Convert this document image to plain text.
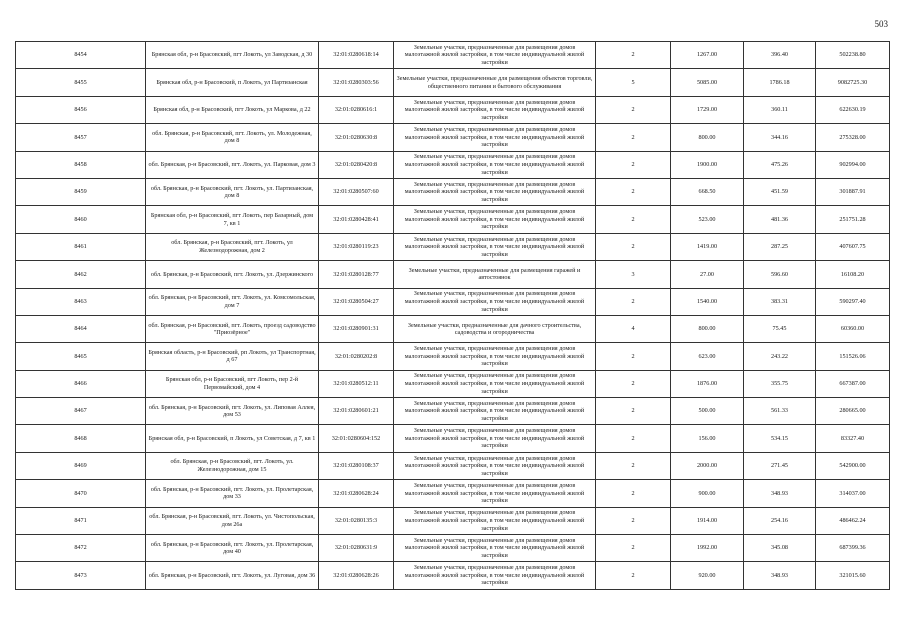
503
8454	Брянская обл, р-н Брасовский, пгт Локоть, ул Заводская, д 30	32:01:0280618:14	Земельные участки, предназначенные для размещения домов малоэтажной жилой застройки, в том числе индивидуальной жилой застройки	2	1267.00	396.40	502238.80
8455	Брянская обл, р-н Брасовский, п Локоть, ул Партизанская	32:01:0280303:56	Земельные участки, предназначенные для размещения объектов торговли, общественного питания и бытового обслуживания	5	5085.00	1786.18	9082725.30
8456	Брянская обл, р-н Брасовский, пгт Локоть, ул Маркова, д 22	32:01:0280616:1	Земельные участки, предназначенные для размещения домов малоэтажной жилой застройки, в том числе индивидуальной жилой застройки	2	1729.00	360.11	622630.19
8457	обл. Брянская, р-н Брасовский, пгт. Локоть, ул. Молодежная, дом 8	32:01:0280630:8	Земельные участки, предназначенные для размещения домов малоэтажной жилой застройки, в том числе индивидуальной жилой застройки	2	800.00	344.16	275328.00
8458	обл. Брянская, р-н Брасовский, пгт. Локоть, ул. Парковая, дом 3	32:01:0280420:8	Земельные участки, предназначенные для размещения домов малоэтажной жилой застройки, в том числе индивидуальной жилой застройки	2	1900.00	475.26	902994.00
8459	обл. Брянская, р-н Брасовский, пгт. Локоть, ул. Партизанская, дом 8	32:01:0280507:60	Земельные участки, предназначенные для размещения домов малоэтажной жилой застройки, в том числе индивидуальной жилой застройки	2	668.50	451.59	301887.91
8460	Брянская обл, р-н Брасовский, пгт Локоть, пер Базарный, дом 7, кв 1	32:01:0280428:41	Земельные участки, предназначенные для размещения домов малоэтажной жилой застройки, в том числе индивидуальной жилой застройки	2	523.00	481.36	251751.28
8461	обл. Брянская, р-н Брасовский, пгт. Локоть, ул Железнодорожная, дом 2	32:01:0280119:23	Земельные участки, предназначенные для размещения домов малоэтажной жилой застройки, в том числе индивидуальной жилой застройки	2	1419.00	287.25	407607.75
8462	обл. Брянская, р-н Брасовский, пгт. Локоть, ул. Дзержинского	32:01:0280128:77	Земельные участки, предназначенные для размещения гаражей и автостоянок	3	27.00	596.60	16108.20
8463	обл. Брянская, р-н Брасовский, пгт. Локоть, ул. Комсомольская, дом 7	32:01:0280504:27	Земельные участки, предназначенные для размещения домов малоэтажной жилой застройки, в том числе индивидуальной жилой застройки	2	1540.00	383.31	590297.40
8464	обл. Брянская, р-н Брасовский, пгт. Локоть, проезд садоводство "Приозёрное"	32:01:0280901:31	Земельные участки, предназначенные для дачного строительства, садоводства и огородничества	4	800.00	75.45	60360.00
8465	Брянская область, р-н Брасовский, рп Локоть, ул Транспортная, д 67	32:01:0280202:8	Земельные участки, предназначенные для размещения домов малоэтажной жилой застройки, в том числе индивидуальной жилой застройки	2	623.00	243.22	151526.06
8466	Брянская обл, р-н Брасовский, пгт Локоть, пер 2-й Первомайский, дом 4	32:01:0280512:11	Земельные участки, предназначенные для размещения домов малоэтажной жилой застройки, в том числе индивидуальной жилой застройки	2	1876.00	355.75	667387.00
8467	обл. Брянская, р-н Брасовский, пгт. Локоть, ул. Липовая Аллея, дом 53	32:01:0280601:21	Земельные участки, предназначенные для размещения домов малоэтажной жилой застройки, в том числе индивидуальной жилой застройки	2	500.00	561.33	280665.00
8468	Брянская обл, р-н Брасовский, п Локоть, ул Советская, д 7, кв 1	32:01:0280604:152	Земельные участки, предназначенные для размещения домов малоэтажной жилой застройки, в том числе индивидуальной жилой застройки	2	156.00	534.15	83327.40
8469	обл. Брянская, р-н Брасовский, пгт. Локоть, ул. Железнодорожная, дом 15	32:01:0280108:37	Земельные участки, предназначенные для размещения домов малоэтажной жилой застройки, в том числе индивидуальной жилой застройки	2	2000.00	271.45	542900.00
8470	обл. Брянская, р-н Брасовский, пгт. Локоть, ул. Пролетарская, дом 33	32:01:0280628:24	Земельные участки, предназначенные для размещения домов малоэтажной жилой застройки, в том числе индивидуальной жилой застройки	2	900.00	348.93	314037.00
8471	обл. Брянская, р-н Брасовский, пгт. Локоть, ул. Чистопольская, дом 26а	32:01:0280135:3	Земельные участки, предназначенные для размещения домов малоэтажной жилой застройки, в том числе индивидуальной жилой застройки	2	1914.00	254.16	486462.24
8472	обл. Брянская, р-н Брасовский, пгт. Локоть, ул. Пролетарская, дом 40	32:01:0280631:9	Земельные участки, предназначенные для размещения домов малоэтажной жилой застройки, в том числе индивидуальной жилой застройки	2	1992.00	345.08	687399.36
8473	обл. Брянская, р-н Брасовский, пгт. Локоть, ул. Луговая, дом 36	32:01:0280628:26	Земельные участки, предназначенные для размещения домов малоэтажной жилой застройки, в том числе индивидуальной жилой застройки	2	920.00	348.93	321015.60
